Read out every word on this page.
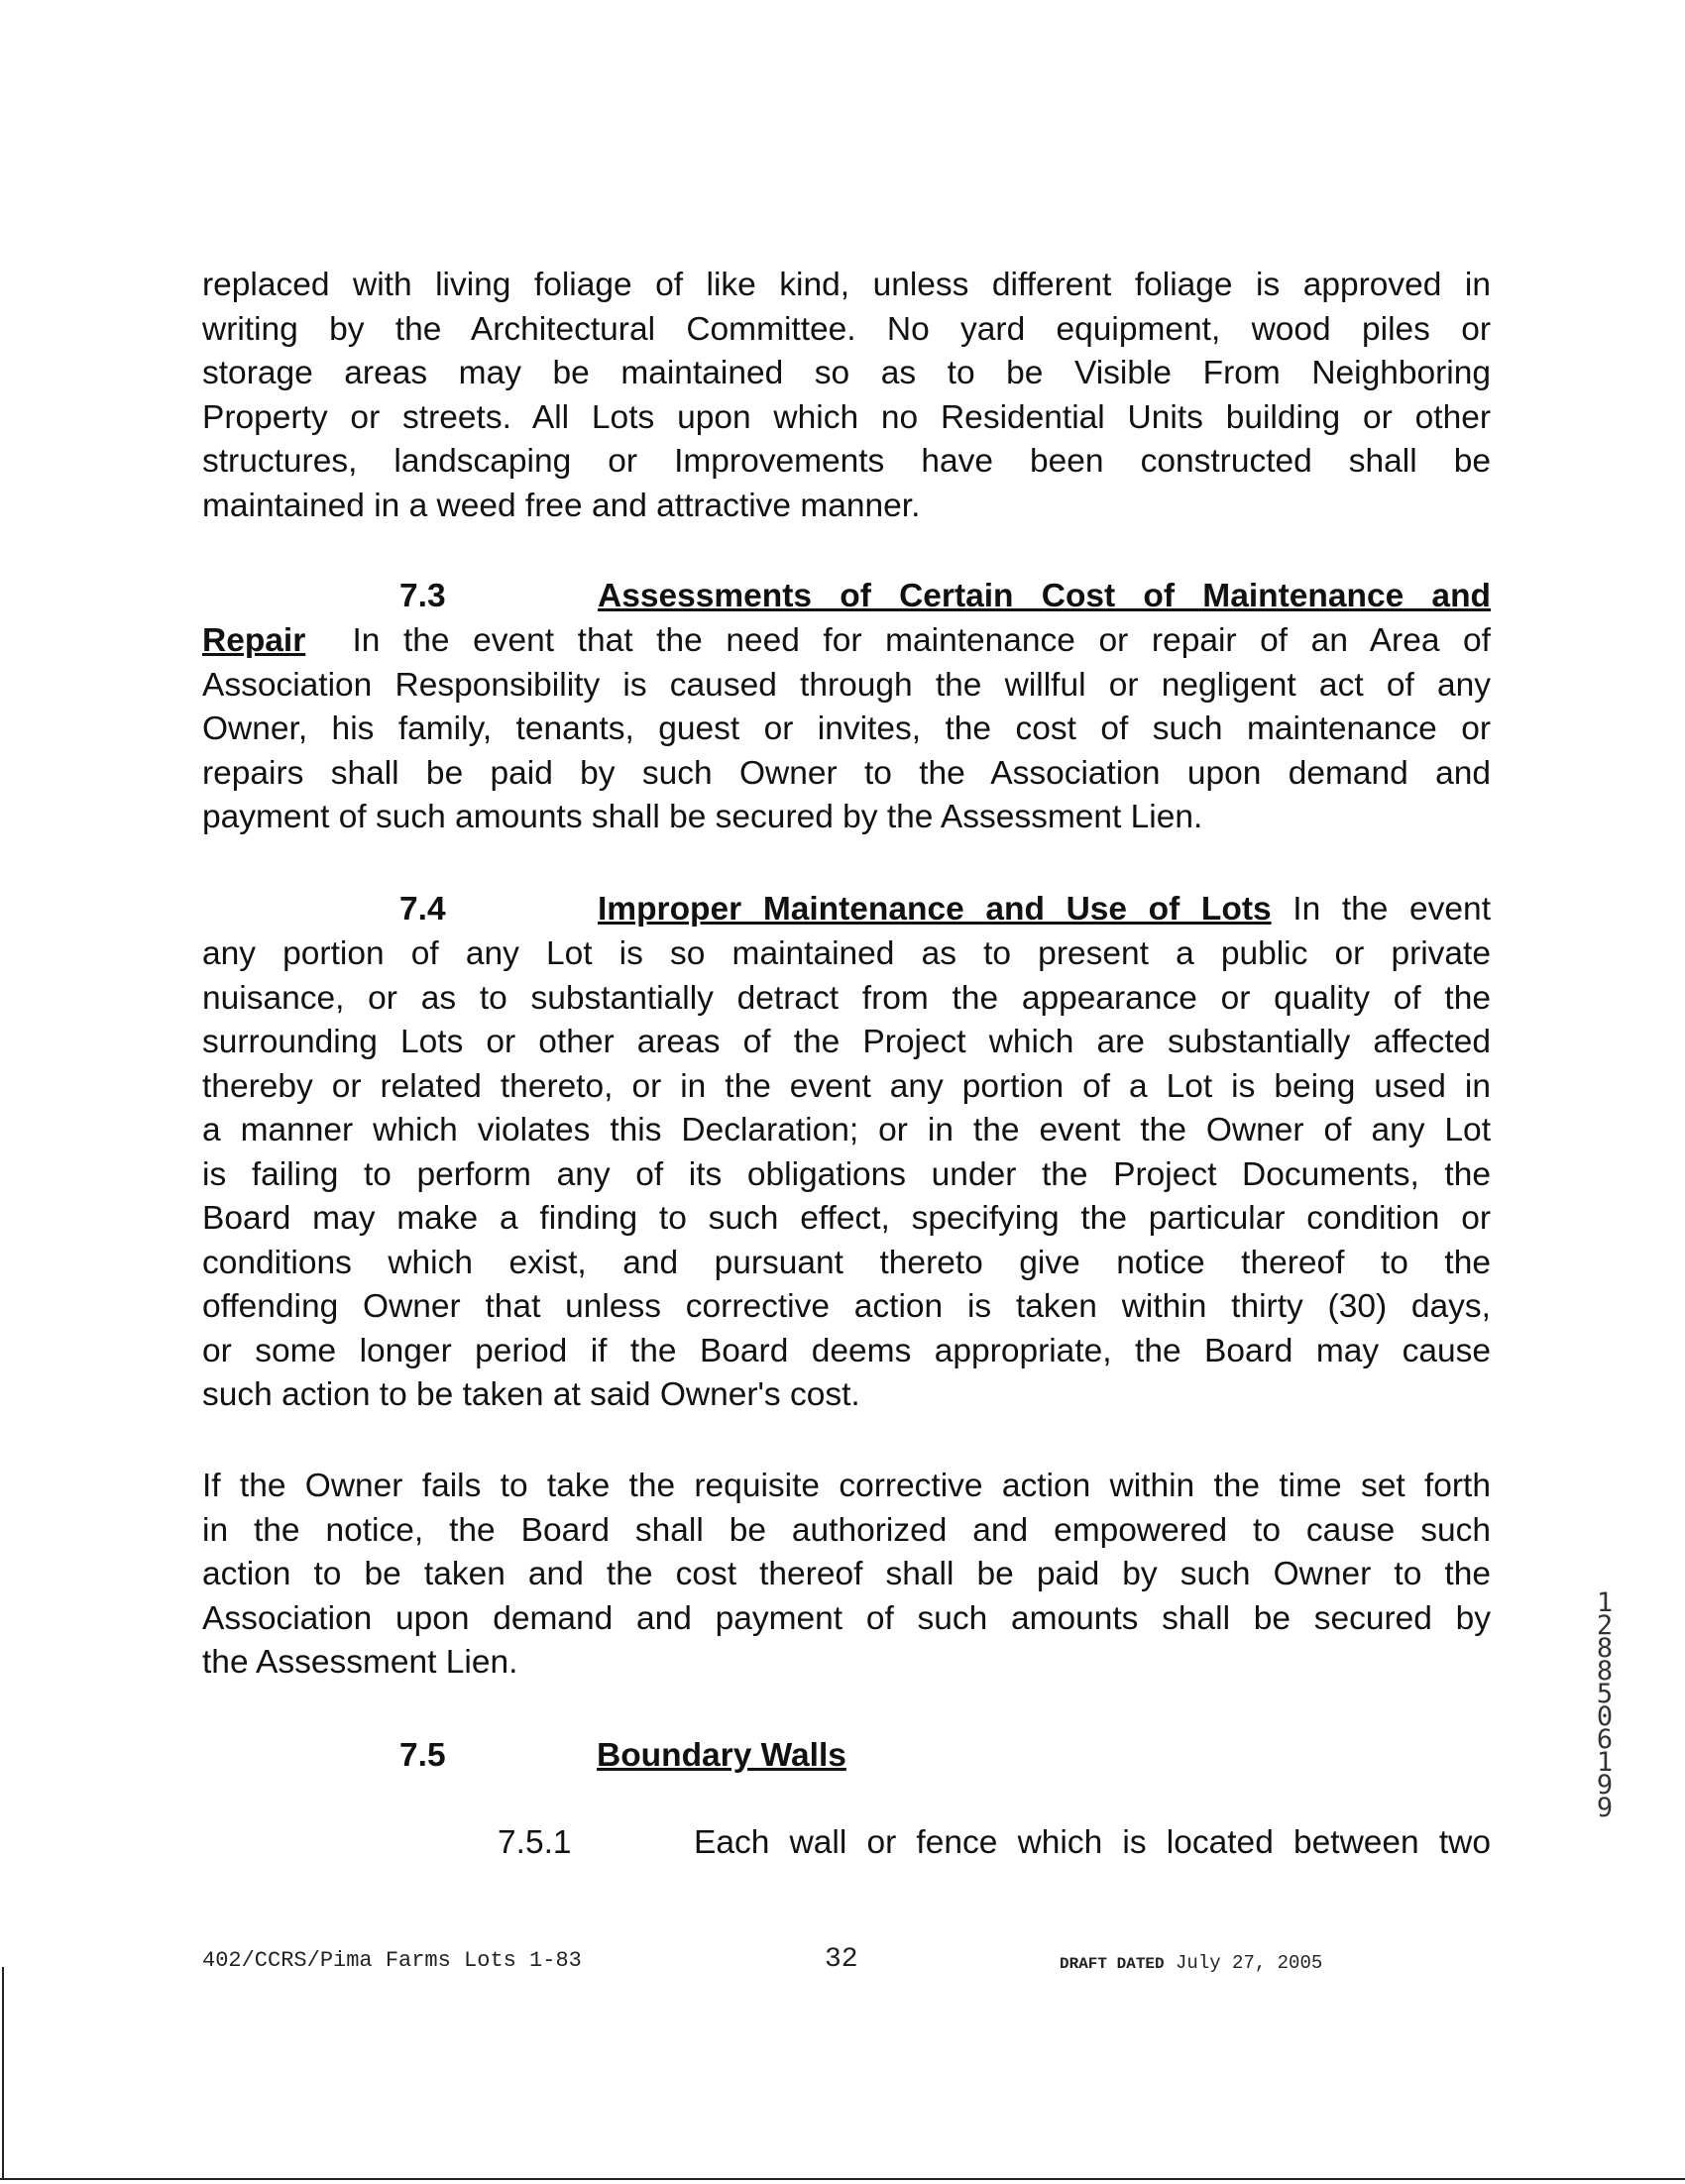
replaced with living foliage of like kind, unless different foliage is approved in
writing by the Architectural Committee. No yard equipment, wood piles or
storage areas may be maintained so as to be Visible From Neighboring
Property or streets. All Lots upon which no Residential Units building or other
structures, landscaping or Improvements have been constructed shall be
maintained in a weed free and attractive manner.
7.3	Assessments of Certain Cost of Maintenance and
Repair In the event that the need for maintenance or repair of an Area of
Association Responsibility is caused through the willful or negligent act of any
Owner, his family, tenants, guest or invites, the cost of such maintenance or
repairs shall be paid by such Owner to the Association upon demand and
payment of such amounts shall be secured by the Assessment Lien.
7.4	Improper Maintenance and Use of Lots In the event
any portion of any Lot is so maintained as to present a public or private
nuisance, or as to substantially detract from the appearance or quality of the
surrounding Lots or other areas of the Project which are substantially affected
thereby or related thereto, or in the event any portion of a Lot is being used in
a manner which violates this Declaration; or in the event the Owner of any Lot
is failing to perform any of its obligations under the Project Documents, the
Board may make a finding to such effect, specifying the particular condition or
conditions which exist, and pursuant thereto give notice thereof to the
offending Owner that unless corrective action is taken within thirty (30) days,
or some longer period if the Board deems appropriate, the Board may cause
such action to be taken at said Owner's cost.
If the Owner fails to take the requisite corrective action within the time set forth
in the notice, the Board shall be authorized and empowered to cause such
action to be taken and the cost thereof shall be paid by such Owner to the
Association upon demand and payment of such amounts shall be secured by
the Assessment Lien.
7.5	Boundary Walls
7.5.1	Each wall or fence which is located between two
402/CCRS/Pima Farms Lots 1-83	32	DRAFT DATED July 27, 2005
12885 06199
